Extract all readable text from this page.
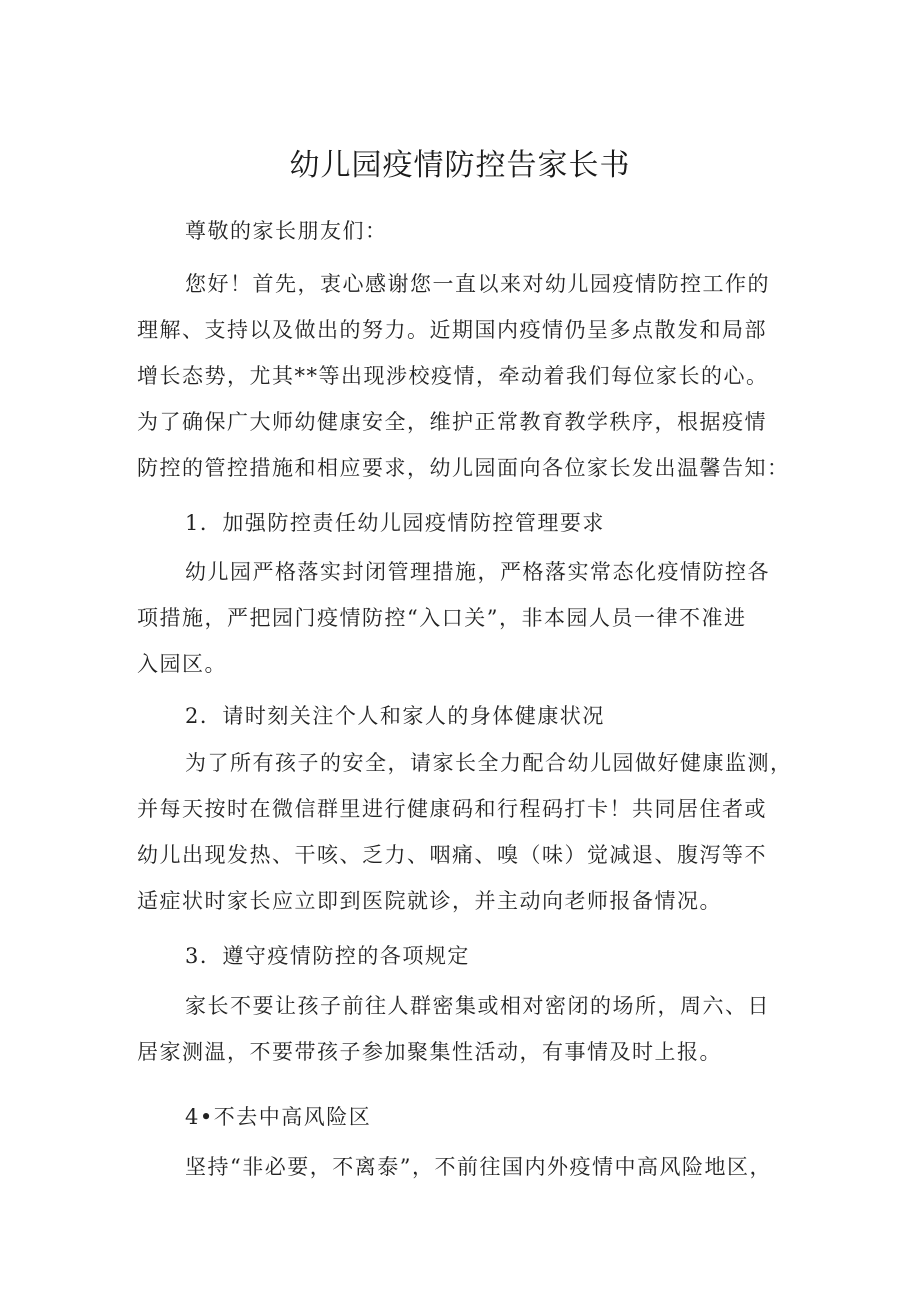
幼儿园疫情防控告家长书
尊敬的家长朋友们：
您好！首先，衷心感谢您一直以来对幼儿园疫情防控工作的
理解、支持以及做出的努力。近期国内疫情仍呈多点散发和局部
增长态势，尤其**等出现涉校疫情，牵动着我们每位家长的心。
为了确保广大师幼健康安全，维护正常教育教学秩序，根据疫情
防控的管控措施和相应要求，幼儿园面向各位家长发出温馨告知：
1．加强防控责任幼儿园疫情防控管理要求
幼儿园严格落实封闭管理措施，严格落实常态化疫情防控各
项措施，严把园门疫情防控“入口关”，非本园人员一律不准进
入园区。
2．请时刻关注个人和家人的身体健康状况
为了所有孩子的安全，请家长全力配合幼儿园做好健康监测，
并每天按时在微信群里进行健康码和行程码打卡！共同居住者或
幼儿出现发热、干咳、乏力、咽痛、嗅（味）觉减退、腹泻等不
适症状时家长应立即到医院就诊，并主动向老师报备情况。
3．遵守疫情防控的各项规定
家长不要让孩子前往人群密集或相对密闭的场所，周六、日
居家测温，不要带孩子参加聚集性活动，有事情及时上报。
4•不去中高风险区
坚持“非必要，不离泰”，不前往国内外疫情中高风险地区，
